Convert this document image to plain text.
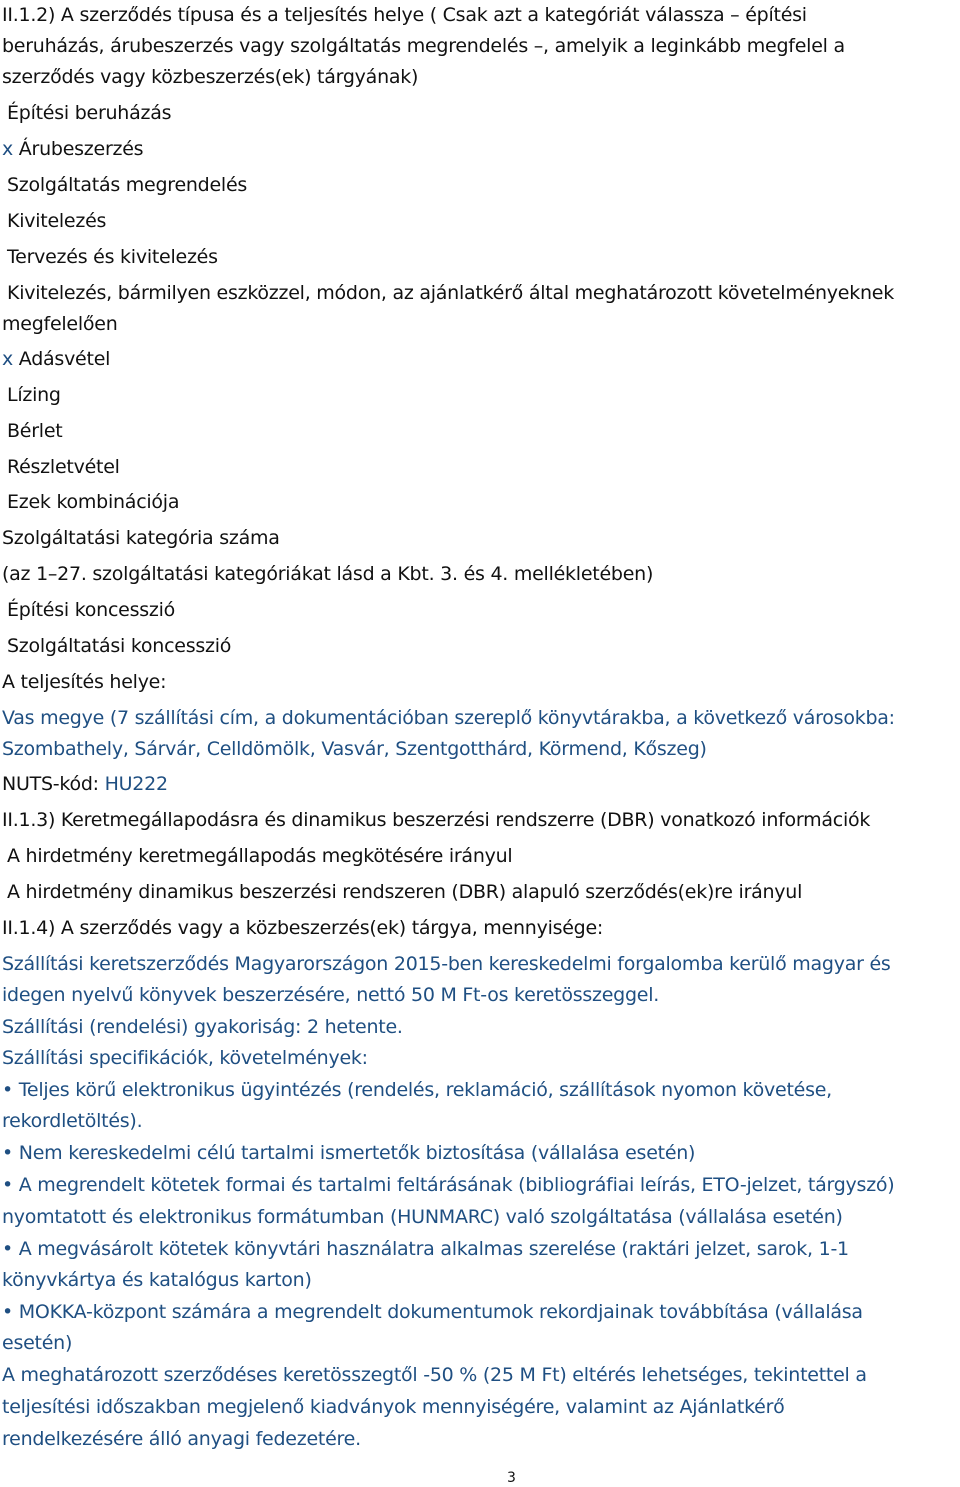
II.1.2) A szerződés típusa és a teljesítés helye ( Csak azt a kategóriát válassza – építési

beruházás, árubeszerzés vagy szolgáltatás megrendelés –, amelyik a leginkább megfelel a

szerződés vagy közbeszerzés(ek) tárgyának)

Építési beruházás

x Árubeszerzés

Szolgáltatás megrendelés

Kivitelezés

Tervezés és kivitelezés

Kivitelezés, bármilyen eszközzel, módon, az ajánlatkérő által meghatározott követelményeknek

megfelelően

x Adásvétel

Lízing

Bérlet

Részletvétel

Ezek kombinációja

Szolgáltatási kategória száma

(az 1–27. szolgáltatási kategóriákat lásd a Kbt. 3. és 4. mellékletében)

Építési koncesszió

Szolgáltatási koncesszió

A teljesítés helye:

Vas megye (7 szállítási cím, a dokumentációban szereplő könyvtárakba, a következő városokba:

Szombathely, Sárvár, Celldömölk, Vasvár, Szentgotthárd, Körmend, Kőszeg)

NUTS-kód: HU222

II.1.3) Keretmegállapodásra és dinamikus beszerzési rendszerre (DBR) vonatkozó információk

A hirdetmény keretmegállapodás megkötésére irányul

A hirdetmény dinamikus beszerzési rendszeren (DBR) alapuló szerződés(ek)re irányul

II.1.4) A szerződés vagy a közbeszerzés(ek) tárgya, mennyisége:

Szállítási keretszerződés Magyarországon 2015-ben kereskedelmi forgalomba kerülő magyar és

idegen nyelvű könyvek beszerzésére, nettó 50 M Ft-os keretösszeggel.

Szállítási (rendelési) gyakoriság: 2 hetente.

Szállítási specifikációk, követelmények:

• Teljes körű elektronikus ügyintézés (rendelés, reklamáció, szállítások nyomon követése,

rekordletöltés).

• Nem kereskedelmi célú tartalmi ismertetők biztosítása (vállalása esetén)

• A megrendelt kötetek formai és tartalmi feltárásának (bibliográfiai leírás, ETO-jelzet, tárgyszó)

nyomtatott és elektronikus formátumban (HUNMARC) való szolgáltatása (vállalása esetén)

• A megvásárolt kötetek könyvtári használatra alkalmas szerelése (raktári jelzet, sarok, 1-1

könyvkártya és katalógus karton)

• MOKKA-központ számára a megrendelt dokumentumok rekordjainak továbbítása (vállalása

esetén)

A meghatározott szerződéses keretösszegtől -50 % (25 M Ft) eltérés lehetséges, tekintettel a

teljesítési időszakban megjelenő kiadványok mennyiségére, valamint az Ajánlatkérő

rendelkezésére álló anyagi fedezetére.

3
